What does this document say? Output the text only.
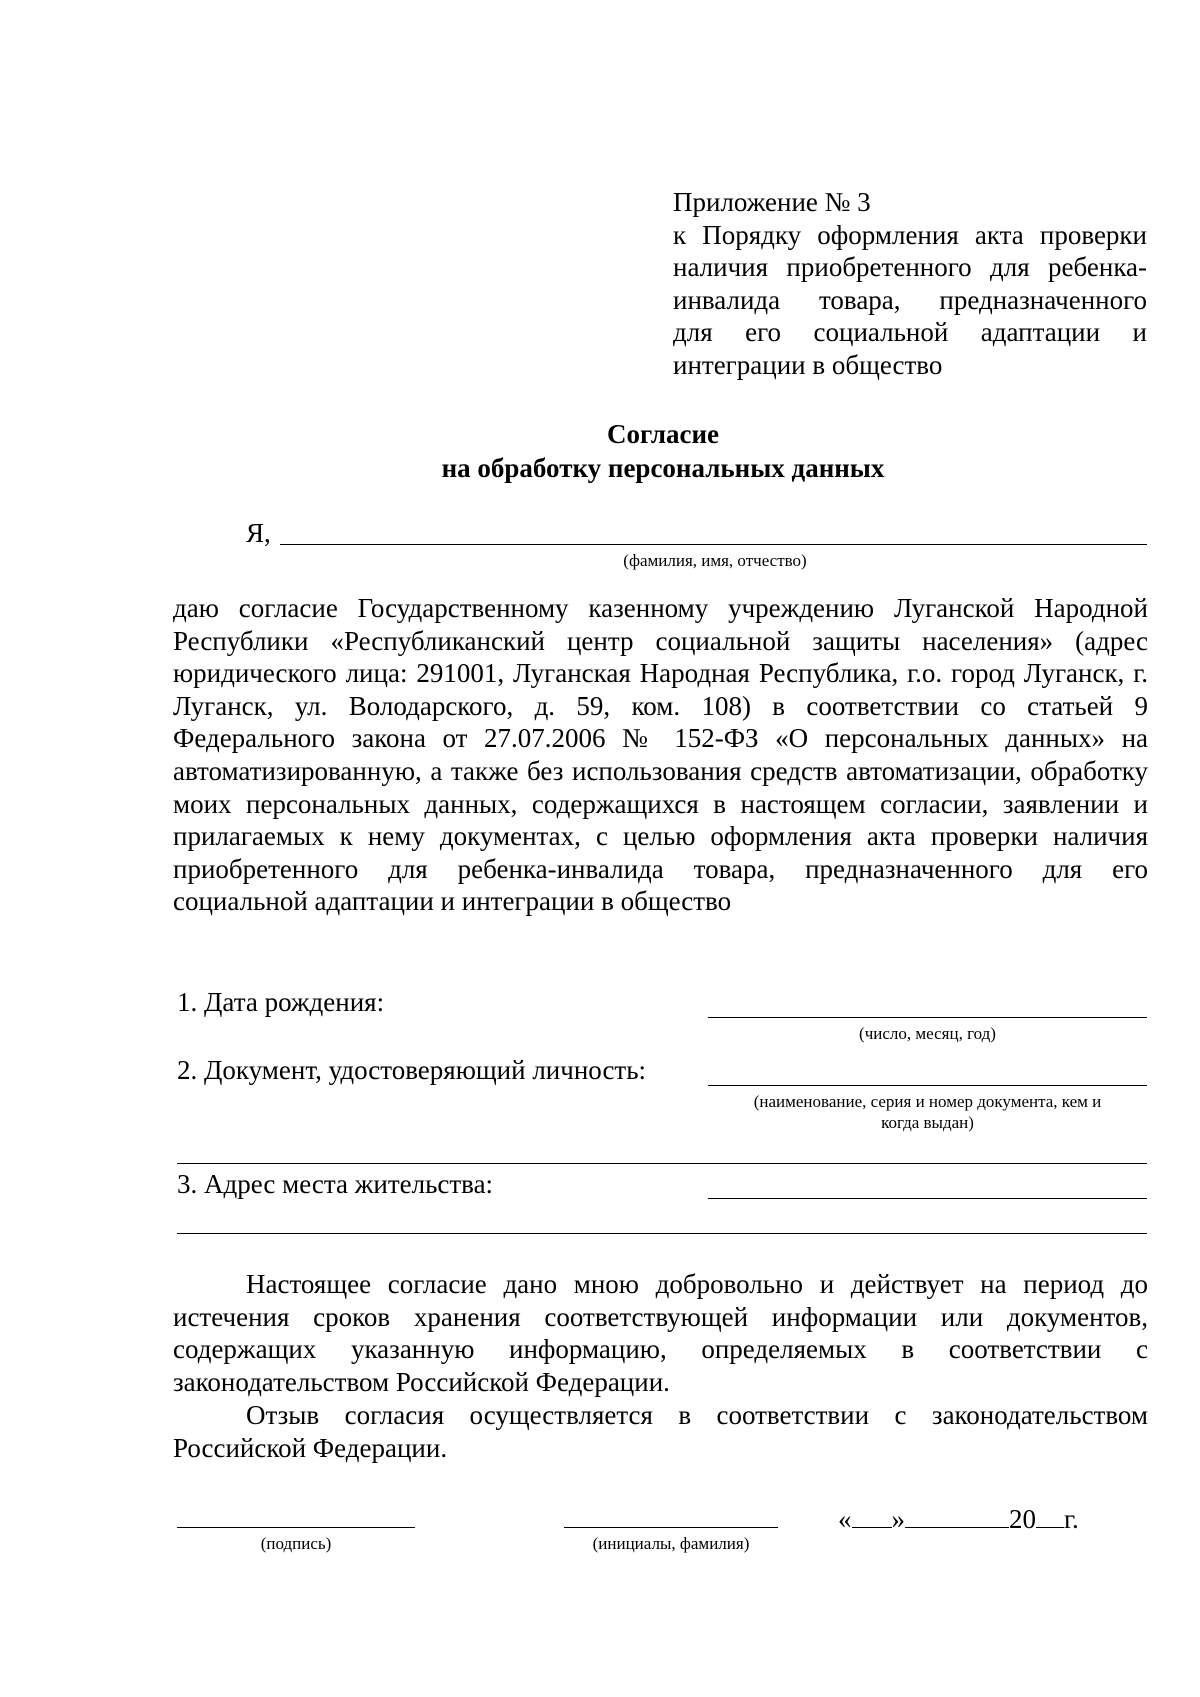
Приложение № 3
к Порядку оформления акта проверки
наличия приобретенного для ребенка-
инвалида товара, предназначенного
для его социальной адаптации и
интеграции в общество
Согласие
на обработку персональных данных
Я,
(фамилия, имя, отчество)
даю согласие Государственному казенному учреждению Луганской Народной Республики «Республиканский центр социальной защиты населения» (адрес юридического лица: 291001, Луганская Народная Республика, г.о. город Луганск, г. Луганск, ул. Володарского, д. 59, ком. 108) в соответствии со статьей 9 Федерального закона от 27.07.2006 № 152-ФЗ «О персональных данных» на автоматизированную, а также без использования средств автоматизации, обработку моих персональных данных, содержащихся в настоящем согласии, заявлении и прилагаемых к нему документах, с целью оформления акта проверки наличия приобретенного для ребенка-инвалида товара, предназначенного для его социальной адаптации и интеграции в общество
1. Дата рождения:
(число, месяц, год)
2. Документ, удостоверяющий личность:
(наименование, серия и номер документа, кем и
когда выдан)
3. Адрес места жительства:
Настоящее согласие дано мною добровольно и действует на период до истечения сроков хранения соответствующей информации или документов, содержащих указанную информацию, определяемых в соответствии с законодательством Российской Федерации.
Отзыв согласия осуществляется в соответствии с законодательством Российской Федерации.
(подпись)	(инициалы, фамилия)
« »	20 г.
